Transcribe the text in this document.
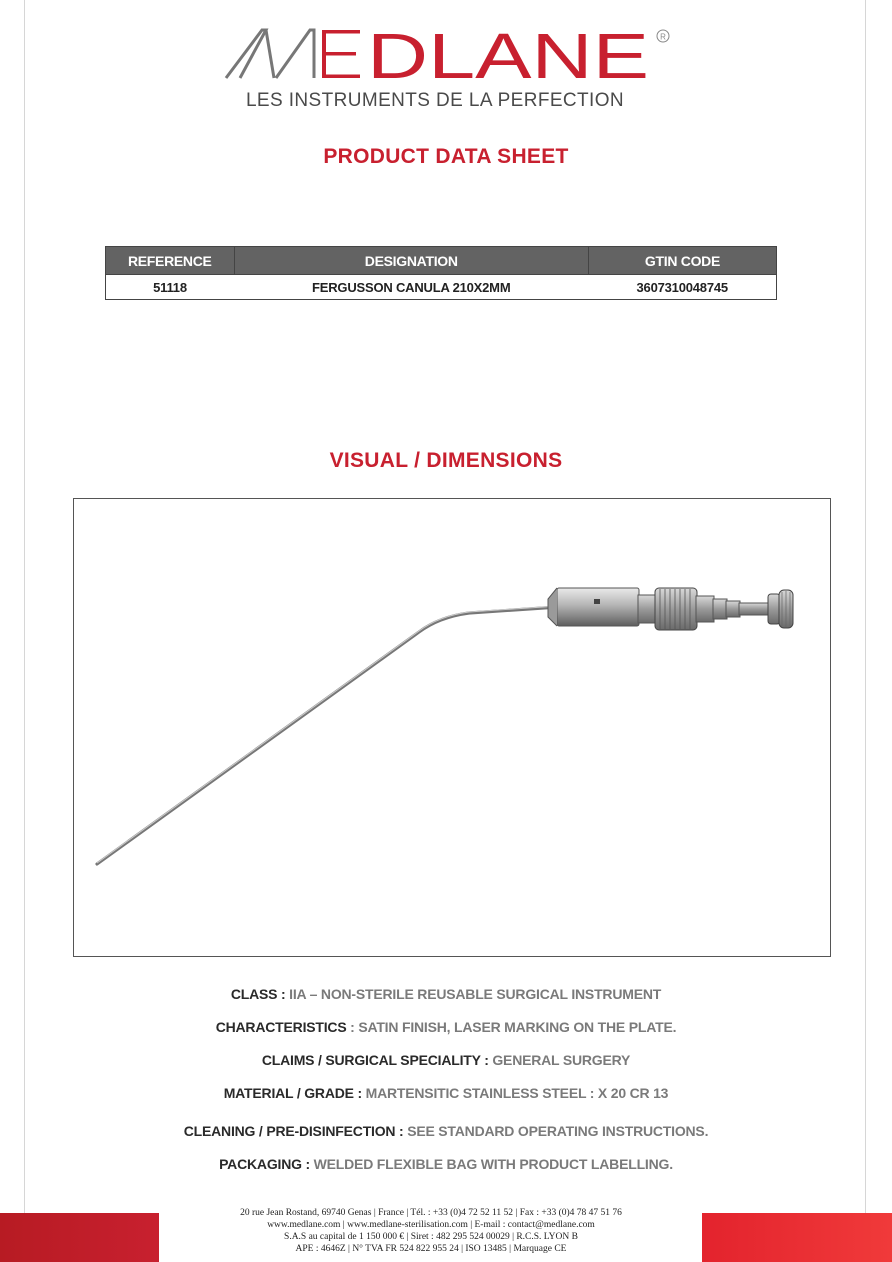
DLANE R
LES INSTRUMENTS DE LA PERFECTION
PRODUCT DATA SHEET
REFERENCE	DESIGNATION	GTIN CODE
51118	FERGUSSON CANULA 210X2MM	3607310048745
VISUAL / DIMENSIONS
CLASS : IIA – NON-STERILE REUSABLE SURGICAL INSTRUMENT
CHARACTERISTICS : SATIN FINISH, LASER MARKING ON THE PLATE.
CLAIMS / SURGICAL SPECIALITY : GENERAL SURGERY
MATERIAL / GRADE : MARTENSITIC STAINLESS STEEL : X 20 CR 13
CLEANING / PRE-DISINFECTION : SEE STANDARD OPERATING INSTRUCTIONS.
PACKAGING : WELDED FLEXIBLE BAG WITH PRODUCT LABELLING.
20 rue Jean Rostand, 69740 Genas | France | Tél. : +33 (0)4 72 52 11 52 | Fax : +33 (0)4 78 47 51 76
www.medlane.com | www.medlane-sterilisation.com | E-mail : contact@medlane.com
S.A.S au capital de 1 150 000 € | Siret : 482 295 524 00029 | R.C.S. LYON B
APE : 4646Z | N° TVA FR 524 822 955 24 | ISO 13485 | Marquage CE
